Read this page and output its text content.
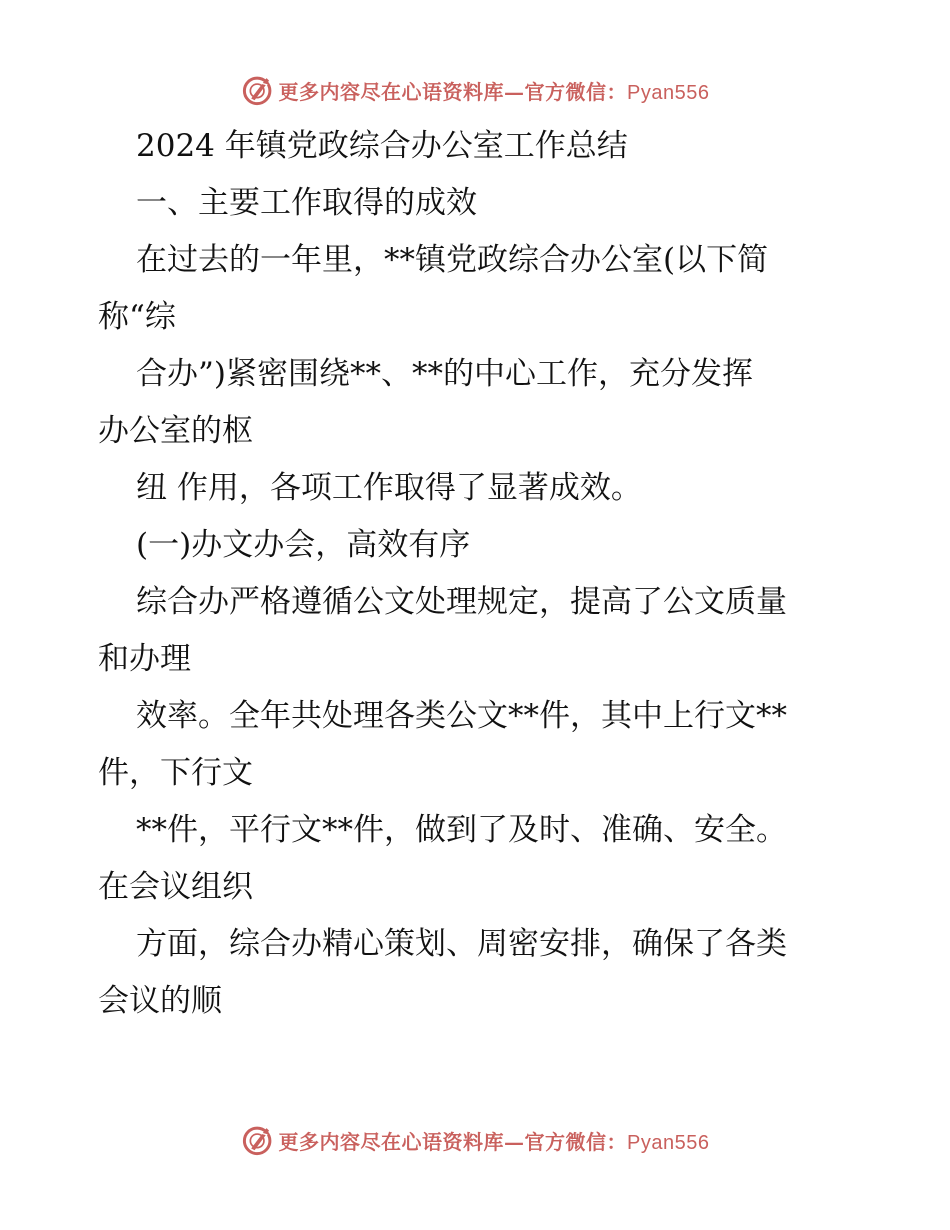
更多内容尽在心语资料库—官方微信：Pyan556
2024 年镇党政综合办公室工作总结
一、主要工作取得的成效
在过去的一年里，**镇党政综合办公室(以下简
称“综
合办”)紧密围绕**、**的中心工作，充分发挥
办公室的枢
纽 作用，各项工作取得了显著成效。
(一)办文办会，高效有序
综合办严格遵循公文处理规定，提高了公文质量
和办理
效率。全年共处理各类公文**件，其中上行文**
件，下行文
**件，平行文**件，做到了及时、准确、安全。
在会议组织
方面，综合办精心策划、周密安排，确保了各类
会议的顺
更多内容尽在心语资料库—官方微信：Pyan556
